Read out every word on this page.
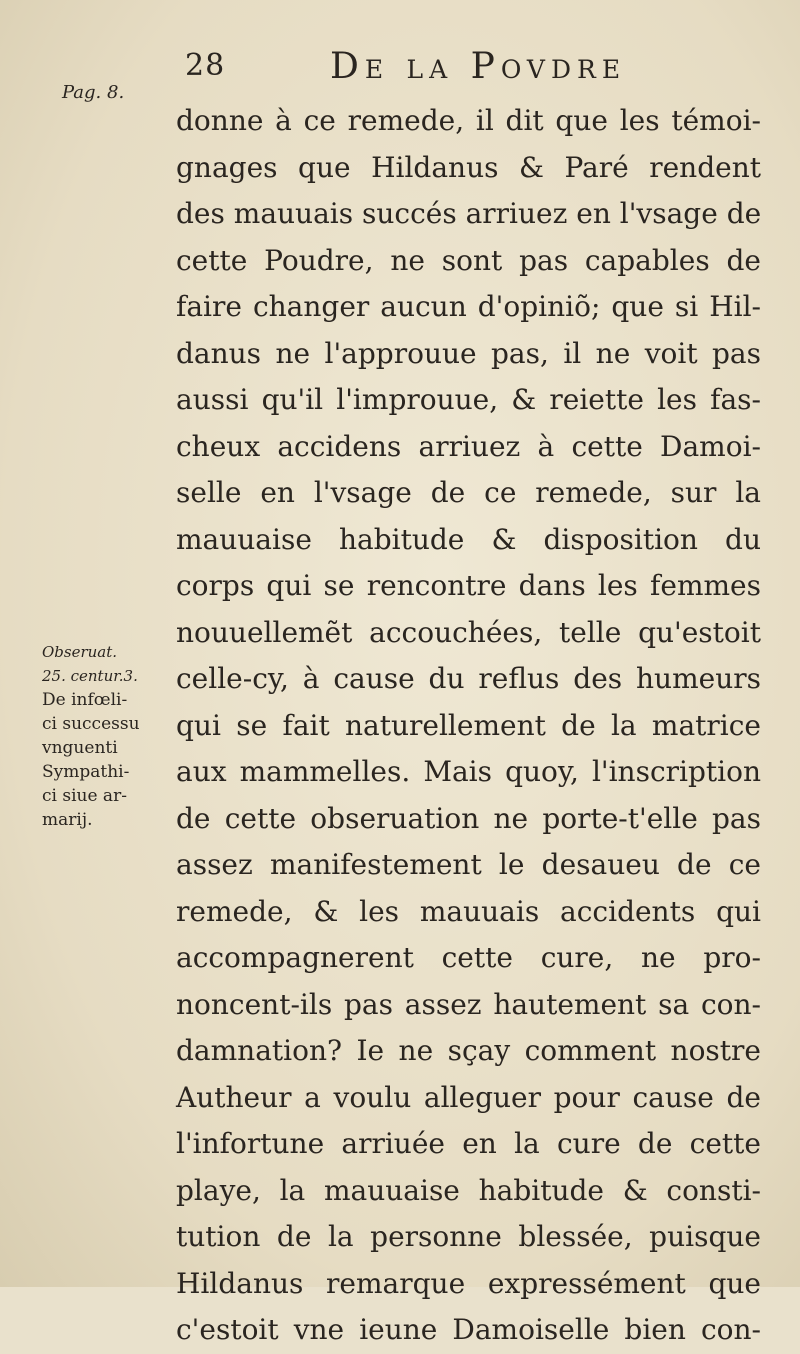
28	De la Povdre
Pag. 8.
Obseruat.
25. centur.3.
De infœli-
ci successu
vnguenti
Sympathi-
ci siue ar-
marij.
donne à ce remede, il dit que les témoi-
gnages que Hildanus & Paré rendent
des mauuais succés arriuez en l'vsage de
cette Poudre, ne sont pas capables de
faire changer aucun d'opiniõ; que si Hil-
danus ne l'approuue pas, il ne voit pas
aussi qu'il l'improuue, & reiette les fas-
cheux accidens arriuez à cette Damoi-
selle en l'vsage de ce remede, sur la
mauuaise habitude & disposition du
corps qui se rencontre dans les femmes
nouuellemẽt accouchées, telle qu'estoit
celle-cy, à cause du reflus des humeurs
qui se fait naturellement de la matrice
aux mammelles. Mais quoy, l'inscription
de cette obseruation ne porte-t'elle pas
assez manifestement le desaueu de ce
remede, & les mauuais accidents qui
accompagnerent cette cure, ne pro-
noncent-ils pas assez hautement sa con-
damnation? Ie ne sçay comment nostre
Autheur a voulu alleguer pour cause de
l'infortune arriuée en la cure de cette
playe, la mauuaise habitude & consti-
tution de la personne blessée, puisque
Hildanus remarque expressément que
c'estoit vne ieune Damoiselle bien con-
